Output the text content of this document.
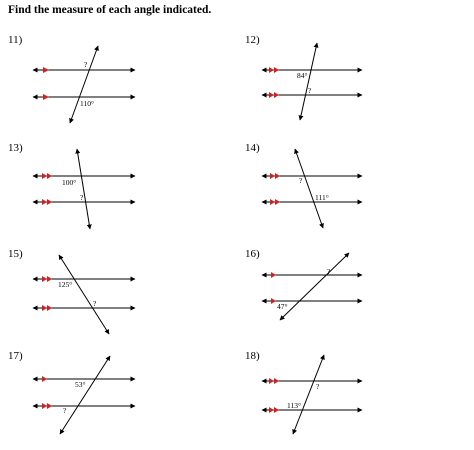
Find the measure of each angle indicated.
11)
?
110°
12)
84°
?
13)
100°
?
14)
?
111°
15)
125°
?
16)
?
47°
17)
53°
?
18)
?
113°
